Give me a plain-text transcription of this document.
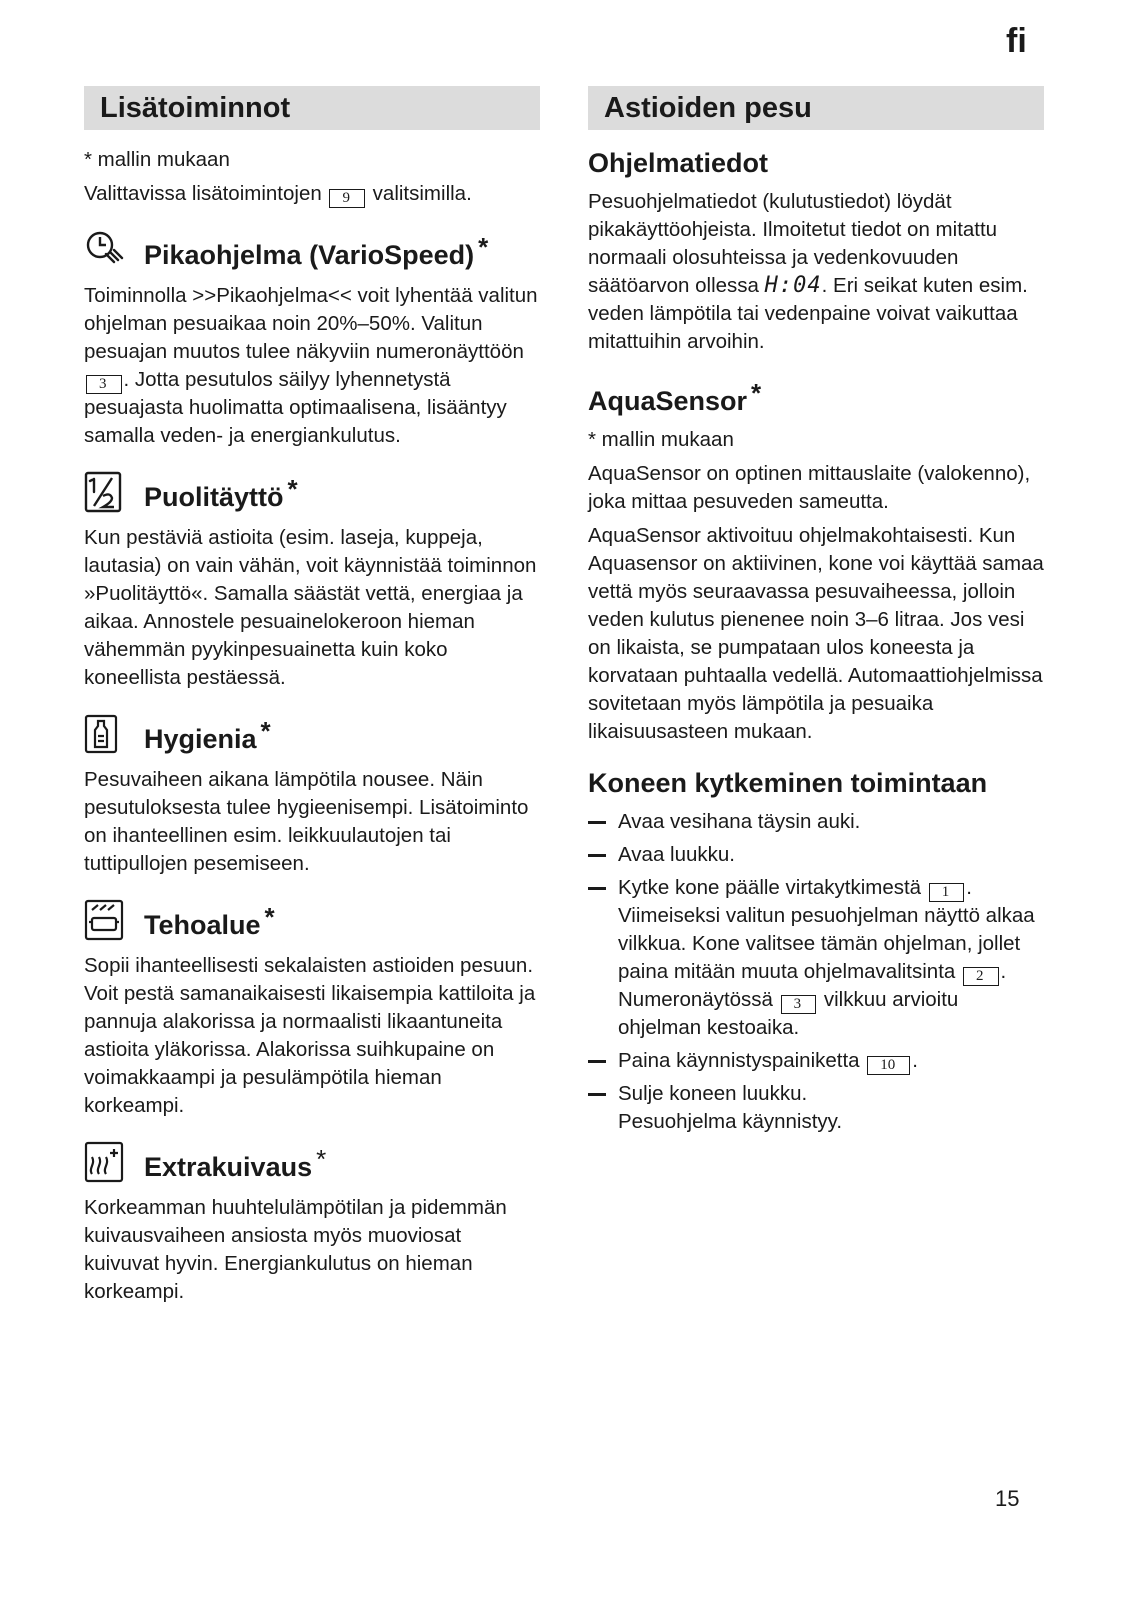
fi
Lisätoiminnot

* mallin mukaan

Valittavissa lisätoimintojen 9 valitsimilla.

Pikaohjelma (VarioSpeed) *

Toiminnolla >>Pikaohjelma<< voit lyhentää valitun ohjelman pesuaikaa noin 20%–50%. Valitun pesuajan muutos tulee näkyviin numeronäyttöön 3 . Jotta pesutulos säilyy lyhennetystä pesuajasta huolimatta optimaalisena, lisääntyy samalla veden- ja energiankulutus.

Puolitäyttö *

Kun pestäviä astioita (esim. laseja, kuppeja, lautasia) on vain vähän, voit käynnistää toiminnon »Puolitäyttö«. Samalla säästät vettä, energiaa ja aikaa. Annostele pesuainelokeroon hieman vähemmän pyykinpesuainetta kuin koko koneellista pestäessä.

Hygienia *

Pesuvaiheen aikana lämpötila nousee. Näin pesutuloksesta tulee hygieenisempi. Lisätoiminto on ihanteellinen esim. leikkuulautojen tai tuttipullojen pesemiseen.

Tehoalue *

Sopii ihanteellisesti sekalaisten astioiden pesuun. Voit pestä samanaikaisesti likaisempia kattiloita ja pannuja alakorissa ja normaalisti likaantuneita astioita yläkorissa. Alakorissa suihkupaine on voimakkaampi ja pesulämpötila hieman korkeampi.

Extrakuivaus *

Korkeamman huuhtelulämpötilan ja pidemmän kuivausvaiheen ansiosta myös muoviosat kuivuvat hyvin. Energiankulutus on hieman korkeampi.

Astioiden pesu
Ohjelmatiedot

Pesuohjelmatiedot (kulutustiedot) löydät pikakäyttöohjeista. Ilmoitetut tiedot on mitattu normaali olosuhteissa ja vedenkovuuden säätöarvon ollessa H:04. Eri seikat kuten esim. veden lämpötila tai vedenpaine voivat vaikuttaa mitattuihin arvoihin.

AquaSensor *

* mallin mukaan

AquaSensor on optinen mittauslaite (valokenno), joka mittaa pesuveden sameutta.

AquaSensor aktivoituu ohjelmakohtaisesti. Kun Aquasensor on aktiivinen, kone voi käyttää samaa vettä myös seuraavassa pesuvaiheessa, jolloin veden kulutus pienenee noin 3–6 litraa. Jos vesi on likaista, se pumpataan ulos koneesta ja korvataan puhtaalla vedellä. Automaattiohjelmissa sovitetaan myös lämpötila ja pesuaika likaisuusasteen mukaan.

Koneen kytkeminen toimintaan
Avaa vesihana täysin auki.
Avaa luukku.
Kytke kone päälle virtakytkimestä 1 . Viimeiseksi valitun pesuohjelman näyttö alkaa vilkkua. Kone valitsee tämän ohjelman, jollet paina mitään muuta ohjelmavalitsinta 2 .
Numeronäytössä 3 vilkkuu arvioitu ohjelman kestoaika.
Paina käynnistyspainiketta 10 .
Sulje koneen luukku.
Pesuohjelma käynnistyy.
15
